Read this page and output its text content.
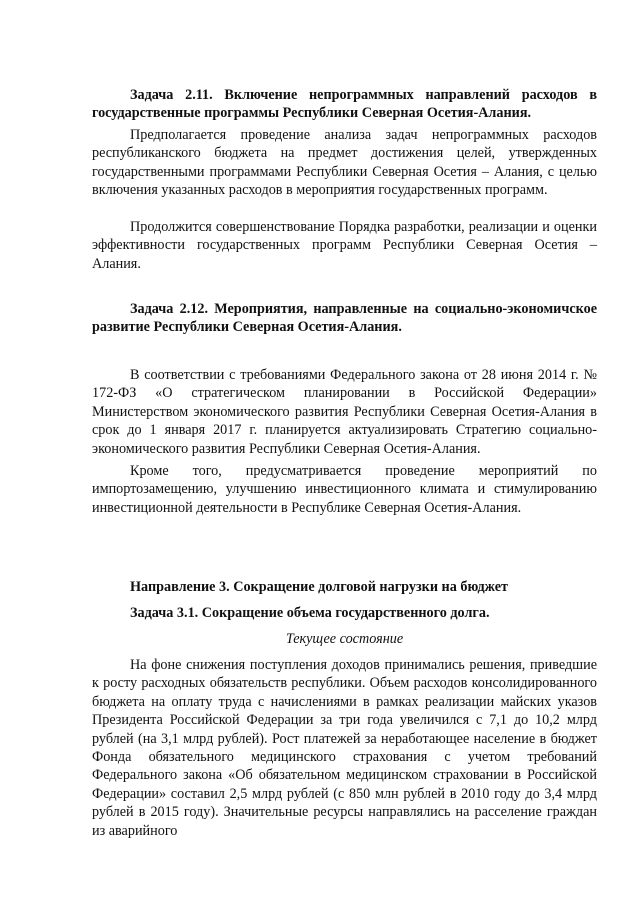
Задача 2.11. Включение непрограммных направлений расходов в государственные программы Республики Северная Осетия-Алания.
Предполагается проведение анализа задач непрограммных расходов республиканского бюджета на предмет достижения целей, утвержденных государственными программами Республики Северная Осетия – Алания, с целью включения указанных расходов в мероприятия государственных программ.
Продолжится совершенствование Порядка разработки, реализации и оценки эффективности государственных программ Республики Северная Осетия – Алания.
Задача 2.12. Мероприятия, направленные на социально-экономичское развитие Республики Северная Осетия-Алания.
В соответствии с требованиями Федерального закона от 28 июня 2014 г. № 172-ФЗ «О стратегическом планировании в Российской Федерации» Министерством экономического развития Республики Северная Осетия-Алания в срок до 1 января 2017 г. планируется актуализировать Стратегию социально-экономического развития Республики Северная Осетия-Алания.
Кроме того, предусматривается проведение мероприятий по импортозамещению, улучшению инвестиционного климата и стимулированию инвестиционной деятельности в Республике Северная Осетия-Алания.
Направление 3. Сокращение долговой нагрузки на бюджет
Задача 3.1. Сокращение объема государственного долга.
Текущее состояние
На фоне снижения поступления доходов принимались решения, приведшие к росту расходных обязательств республики. Объем расходов консолидированного бюджета на оплату труда с начислениями в рамках реализации майских указов Президента Российской Федерации за три года увеличился с 7,1 до 10,2 млрд рублей (на 3,1 млрд рублей). Рост платежей за неработающее население в бюджет Фонда обязательного медицинского страхования с учетом требований Федерального закона «Об обязательном медицинском страховании в Российской Федерации» составил 2,5 млрд рублей (с 850 млн рублей в 2010 году до 3,4 млрд рублей в 2015 году). Значительные ресурсы направлялись на расселение граждан из аварийного
